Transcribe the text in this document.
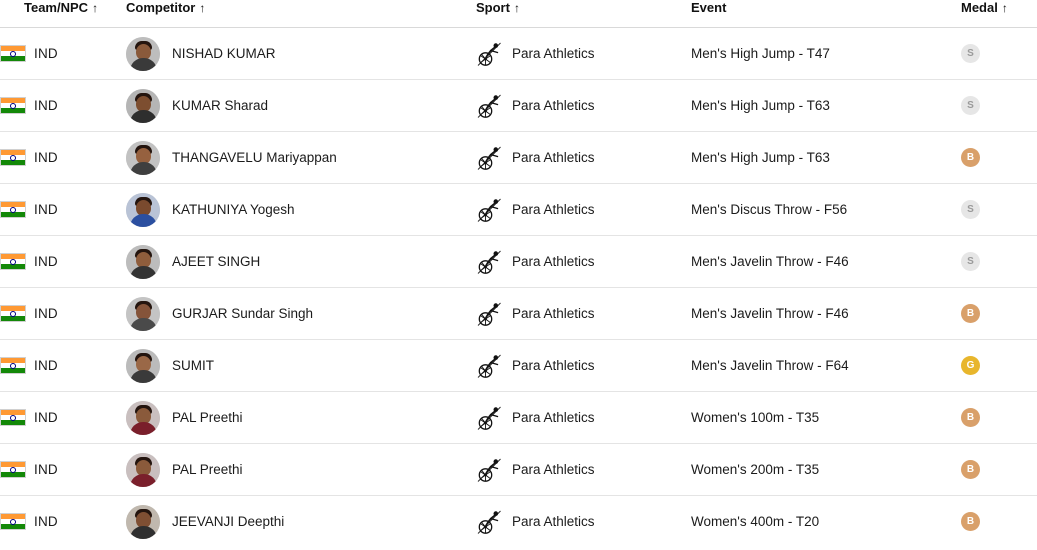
Team/NPC ↑	Competitor ↑	Sport ↑	Event	Medal ↑

IND	NISHAD KUMAR	Para Athletics	Men's High Jump - T47	S

IND	KUMAR Sharad	Para Athletics	Men's High Jump - T63	S

IND	THANGAVELU Mariyappan	Para Athletics	Men's High Jump - T63	B

IND	KATHUNIYA Yogesh	Para Athletics	Men's Discus Throw - F56	S

IND	AJEET SINGH	Para Athletics	Men's Javelin Throw - F46	S

IND	GURJAR Sundar Singh	Para Athletics	Men's Javelin Throw - F46	B

IND	SUMIT	Para Athletics	Men's Javelin Throw - F64	G

IND	PAL Preethi	Para Athletics	Women's 100m - T35	B

IND	PAL Preethi	Para Athletics	Women's 200m - T35	B

IND	JEEVANJI Deepthi	Para Athletics	Women's 400m - T20	B
